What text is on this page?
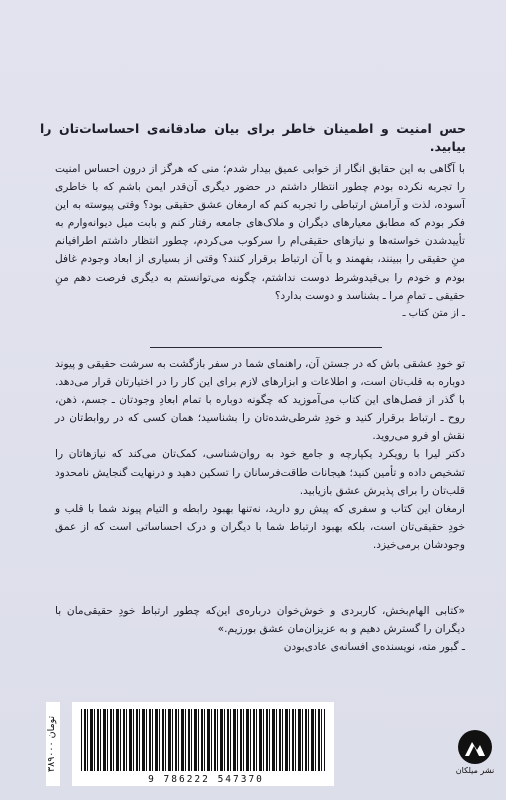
حس امنیت و اطمینان خاطر برای بیان صادقانه‌ی احساسات‌تان را بیابید.

با آگاهی به این حقایق انگار از خوابی عمیق بیدار شدم؛ منی که هرگز از درون احساس امنیت را تجربه نکرده بودم چطور انتظار داشتم در حضور دیگری آن‌قدر ایمن باشم که با خاطری آسوده، لذت و آرامش ارتباطی را تجربه کنم که ارمغان عشق حقیقی بود؟ وقتی پیوسته به این فکر بودم که مطابق معیارهای دیگران و ملاک‌های جامعه رفتار کنم و بابت میل دیوانه‌وارم به تأییدشدن خواسته‌ها و نیازهای حقیقی‌ام را سرکوب می‌کردم، چطور انتظار داشتم اطرافیانم منِ حقیقی را ببینند، بفهمند و با آن ارتباط برقرار کنند؟ وقتی از بسیاری از ابعاد وجودم غافل بودم و خودم را بی‌قیدوشرط دوست نداشتم، چگونه می‌توانستم به دیگری فرصت دهم منِ حقیقی ـ تمامِ مرا ـ بشناسد و دوست بدارد؟

ـ از متن کتاب ـ

تو خودِ عشقی باش که در جستن آن، راهنمای شما در سفر بازگشت به سرشت حقیقی و پیوند دوباره به قلب‌تان است، و اطلاعات و ابزارهای لازم برای این کار را در اختیارتان قرار می‌دهد. با گذر از فصل‌های این کتاب می‌آموزید که چگونه دوباره با تمام ابعادِ وجودتان ـ جسم، ذهن، روح ـ ارتباط برقرار کنید و خودِ شرطی‌شده‌تان را بشناسید؛ همان کسی که در روابط‌تان در نقش او فرو می‌روید.

دکتر لیرا با رویکرد یکپارچه و جامع خود به روان‌شناسی، کمک‌تان می‌کند که نیازهاتان را تشخیص داده و تأمین کنید؛ هیجانات طاقت‌فرسانان را تسکین دهید و درنهایت گنجایش نامحدود قلب‌تان را برای پذیرش عشق بازیابید.

ارمغان این کتاب و سفری که پیش رو دارید، نه‌تنها بهبود رابطه و التیام پیوند شما با قلب و خودِ حقیقی‌تان است، بلکه بهبود ارتباط شما با دیگران و درک احساساتی است که از عمق وجودشان برمی‌خیزد.

«کتابی الهام‌بخش، کاربردی و خوش‌خوان درباره‌ی این‌که چطور ارتباط خودِ حقیقی‌مان با دیگران را گسترش دهیم و به عزیزان‌مان عشق بورزیم.»

ـ گبور مته، نویسنده‌ی افسانه‌ی عادی‌بودن

9 786222 547370
۳۸۹۰۰۰ تومان
نشر میلکان
